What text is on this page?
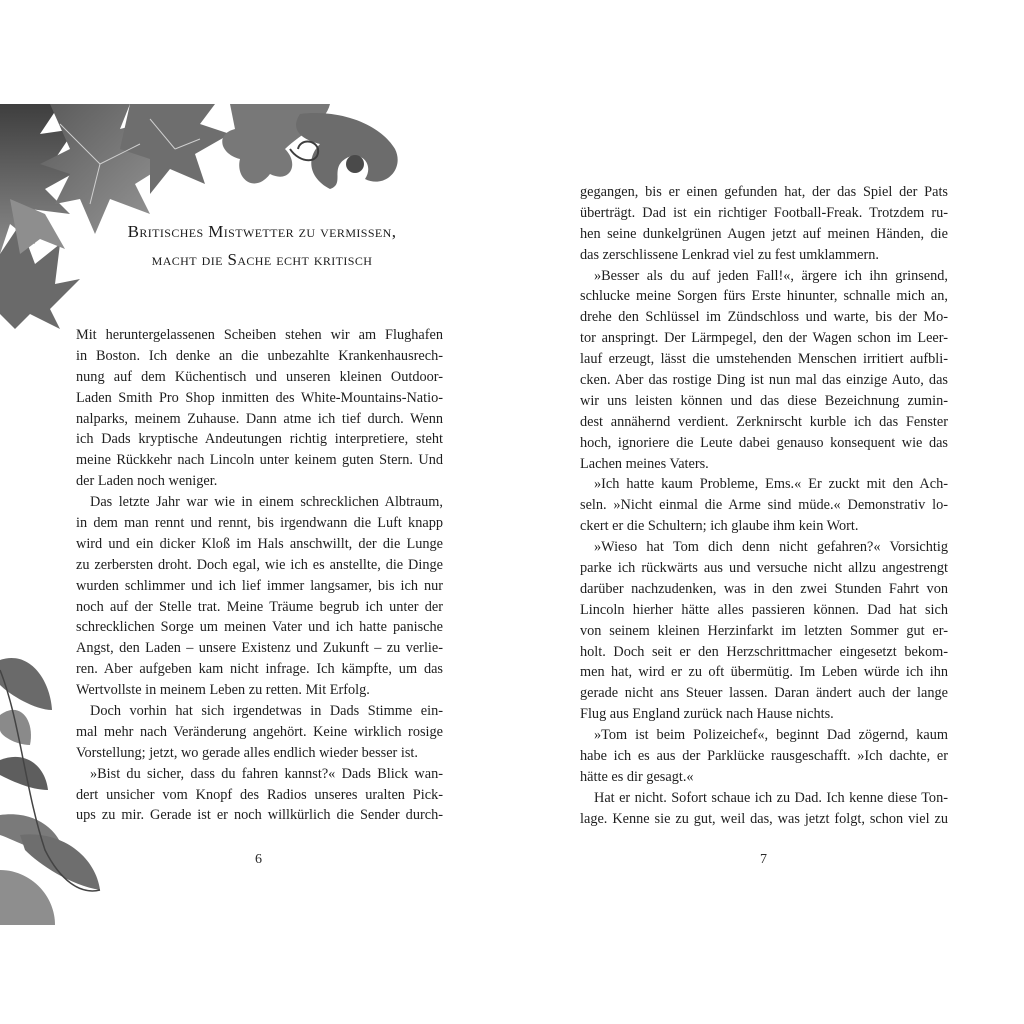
Britisches Mistwetter zu vermissen,
macht die Sache echt kritisch
Mit heruntergelassenen Scheiben stehen wir am Flughafen
in Boston. Ich denke an die unbezahlte Krankenhausrech-
nung auf dem Küchentisch und unseren kleinen Outdoor-
Laden Smith Pro Shop inmitten des White-Mountains-Natio-
nalparks, meinem Zuhause. Dann atme ich tief durch. Wenn
ich Dads kryptische Andeutungen richtig interpretiere, steht
meine Rückkehr nach Lincoln unter keinem guten Stern. Und
der Laden noch weniger.
Das letzte Jahr war wie in einem schrecklichen Albtraum,
in dem man rennt und rennt, bis irgendwann die Luft knapp
wird und ein dicker Kloß im Hals anschwillt, der die Lunge
zu zerbersten droht. Doch egal, wie ich es anstellte, die Dinge
wurden schlimmer und ich lief immer langsamer, bis ich nur
noch auf der Stelle trat. Meine Träume begrub ich unter der
schrecklichen Sorge um meinen Vater und ich hatte panische
Angst, den Laden – unsere Existenz und Zukunft – zu verlie-
ren. Aber aufgeben kam nicht infrage. Ich kämpfte, um das
Wertvollste in meinem Leben zu retten. Mit Erfolg.
Doch vorhin hat sich irgendetwas in Dads Stimme ein-
mal mehr nach Veränderung angehört. Keine wirklich rosige
Vorstellung; jetzt, wo gerade alles endlich wieder besser ist.
»Bist du sicher, dass du fahren kannst?« Dads Blick wan-
dert unsicher vom Knopf des Radios unseres uralten Pick-
ups zu mir. Gerade ist er noch willkürlich die Sender durch-
6
gegangen, bis er einen gefunden hat, der das Spiel der Pats
überträgt. Dad ist ein richtiger Football-Freak. Trotzdem ru-
hen seine dunkelgrünen Augen jetzt auf meinen Händen, die
das zerschlissene Lenkrad viel zu fest umklammern.
»Besser als du auf jeden Fall!«, ärgere ich ihn grinsend,
schlucke meine Sorgen fürs Erste hinunter, schnalle mich an,
drehe den Schlüssel im Zündschloss und warte, bis der Mo-
tor anspringt. Der Lärmpegel, den der Wagen schon im Leer-
lauf erzeugt, lässt die umstehenden Menschen irritiert aufbli-
cken. Aber das rostige Ding ist nun mal das einzige Auto, das
wir uns leisten können und das diese Bezeichnung zumin-
dest annähernd verdient. Zerknirscht kurble ich das Fenster
hoch, ignoriere die Leute dabei genauso konsequent wie das
Lachen meines Vaters.
»Ich hatte kaum Probleme, Ems.« Er zuckt mit den Ach-
seln. »Nicht einmal die Arme sind müde.« Demonstrativ lo-
ckert er die Schultern; ich glaube ihm kein Wort.
»Wieso hat Tom dich denn nicht gefahren?« Vorsichtig
parke ich rückwärts aus und versuche nicht allzu angestrengt
darüber nachzudenken, was in den zwei Stunden Fahrt von
Lincoln hierher hätte alles passieren können. Dad hat sich
von seinem kleinen Herzinfarkt im letzten Sommer gut er-
holt. Doch seit er den Herzschrittmacher eingesetzt bekom-
men hat, wird er zu oft übermütig. Im Leben würde ich ihn
gerade nicht ans Steuer lassen. Daran ändert auch der lange
Flug aus England zurück nach Hause nichts.
»Tom ist beim Polizeichef«, beginnt Dad zögernd, kaum
habe ich es aus der Parklücke rausgeschafft. »Ich dachte, er
hätte es dir gesagt.«
Hat er nicht. Sofort schaue ich zu Dad. Ich kenne diese Ton-
lage. Kenne sie zu gut, weil das, was jetzt folgt, schon viel zu
7
